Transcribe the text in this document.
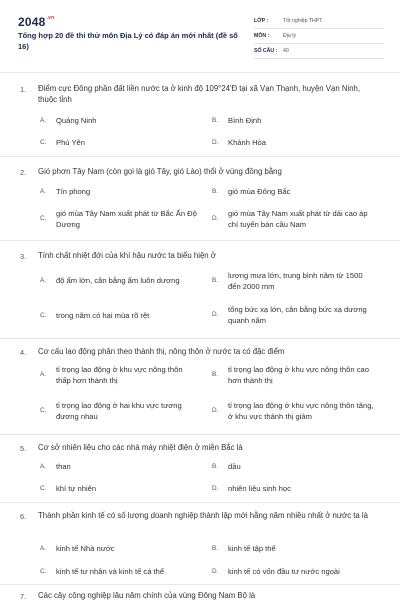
$2048^{.vn}$
Tổng hợp 20 đề thi thử môn Địa Lý có đáp án mới nhất (đề số 16)
LỚP :	Tốt nghiệp THPT
MÔN :	Địa lý
SỐ CÂU :	40
1. Điểm cực Đông phần đất liền nước ta ở kinh độ 109°24'Đ tại xã Vạn Thạnh, huyện Vạn Ninh, thuộc tỉnh
A.	Quảng Ninh	B.	Bình Định
C.	Phú Yên	D.	Khánh Hòa
2. Gió phơn Tây Nam (còn gọi là gió Tây, gió Lào) thổi ở vùng đồng bằng
A.	Tín phong	B.	gió mùa Đông Bắc
C.
gió mùa Tây Nam xuất phát từ Bắc Ấn Độ Dương
D.
gió mùa Tây Nam xuất phát từ dải cao áp chí tuyến bán cầu Nam
3. Tính chất nhiệt đới của khí hậu nước ta biểu hiện ở
A.	độ ẩm lớn, cân bằng ẩm luôn dương	B.
lượng mưa lớn, trung bình năm từ 1500 đến 2000 mm
C.	trong năm có hai mùa rõ rệt	D.
tổng bức xạ lớn, cân bằng bức xạ dương quanh năm
4. Cơ cấu lao động phân theo thành thị, nông thôn ở nước ta có đặc điểm
A.
tỉ trọng lao động ở khu vực nông thôn thấp hơn thành thị
B.
tỉ trọng lao động ở khu vực nông thôn cao hơn thành thị
C.
tỉ trọng lao động ở hai khu vực tương đương nhau
D.
tỉ trọng lao động ở khu vực nông thôn tăng, ở khu vực thành thị giảm
5. Cơ sở nhiên liệu cho các nhà máy nhiệt điện ở miền Bắc là
A.	than	B.	dầu
C.	khí tự nhiên	D.	nhiên liệu sinh học
6. Thành phần kinh tế có số lượng doanh nghiệp thành lập mới hằng năm nhiều nhất ở nước ta là
A.	kinh tế Nhà nước	B.	kinh tế tập thể
C.	kinh tế tư nhân và kinh tế cá thể	D.	kinh tế có vốn đầu tư nước ngoài
7. Các cây công nghiệp lâu năm chính của vùng Đông Nam Bộ là
